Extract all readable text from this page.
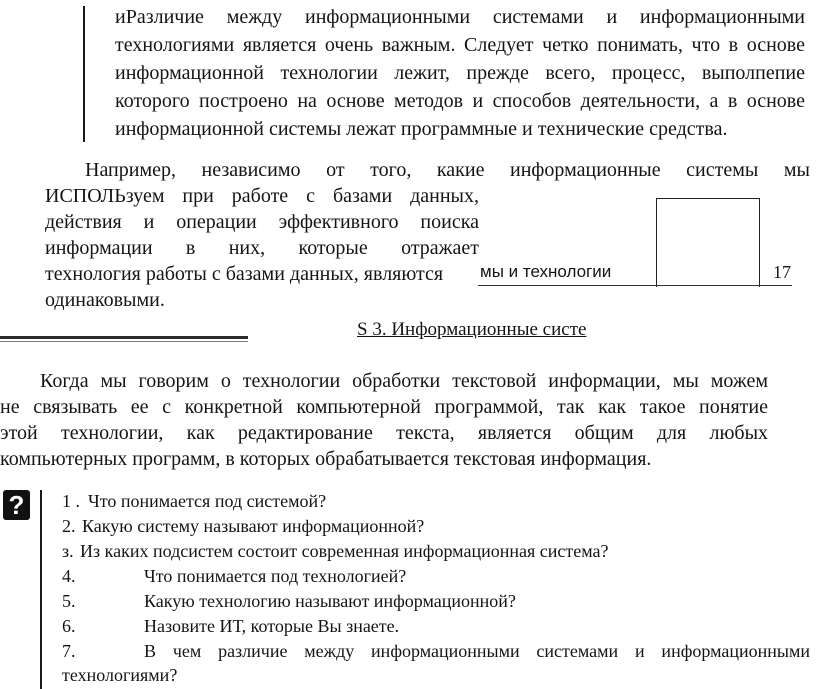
иРазличие между информационными системами и информационными
технологиями является очень важным. Следует четко понимать, что в основе
информационной технологии лежит, прежде всего, процесс, выполпепие
которого построено на основе методов и способов деятельности, а в основе
информационной системы лежат программные и технические средства.
Например, независимо от того, какие информационные системы мы
ИСПОЛЬзуем при работе с базами данных,
действия и операции эффективного поиска
информации в них, которые отражает
технология работы с базами данных, являются
одинаковыми.
мы и технологии	17
S 3. Информационные систе
Когда мы говорим о технологии обработки текстовой информации, мы можем
не связывать ее с конкретной компьютерной программой, так как такое понятие
этой технологии, как редактирование текста, является общим для любых
компьютерных программ, в которых обрабатывается текстовая информация.
?	1 . Что понимается под системой?
2. Какую систему называют информационной?
з. Из каких подсистем состоит современная информационная система?
4.	Что понимается под технологией?
5.	Какую технологию называют информационной?
6.	Назовите ИТ, которые Вы знаете.
7.	В чем различие между информационными системами и информационными
технологиями?
